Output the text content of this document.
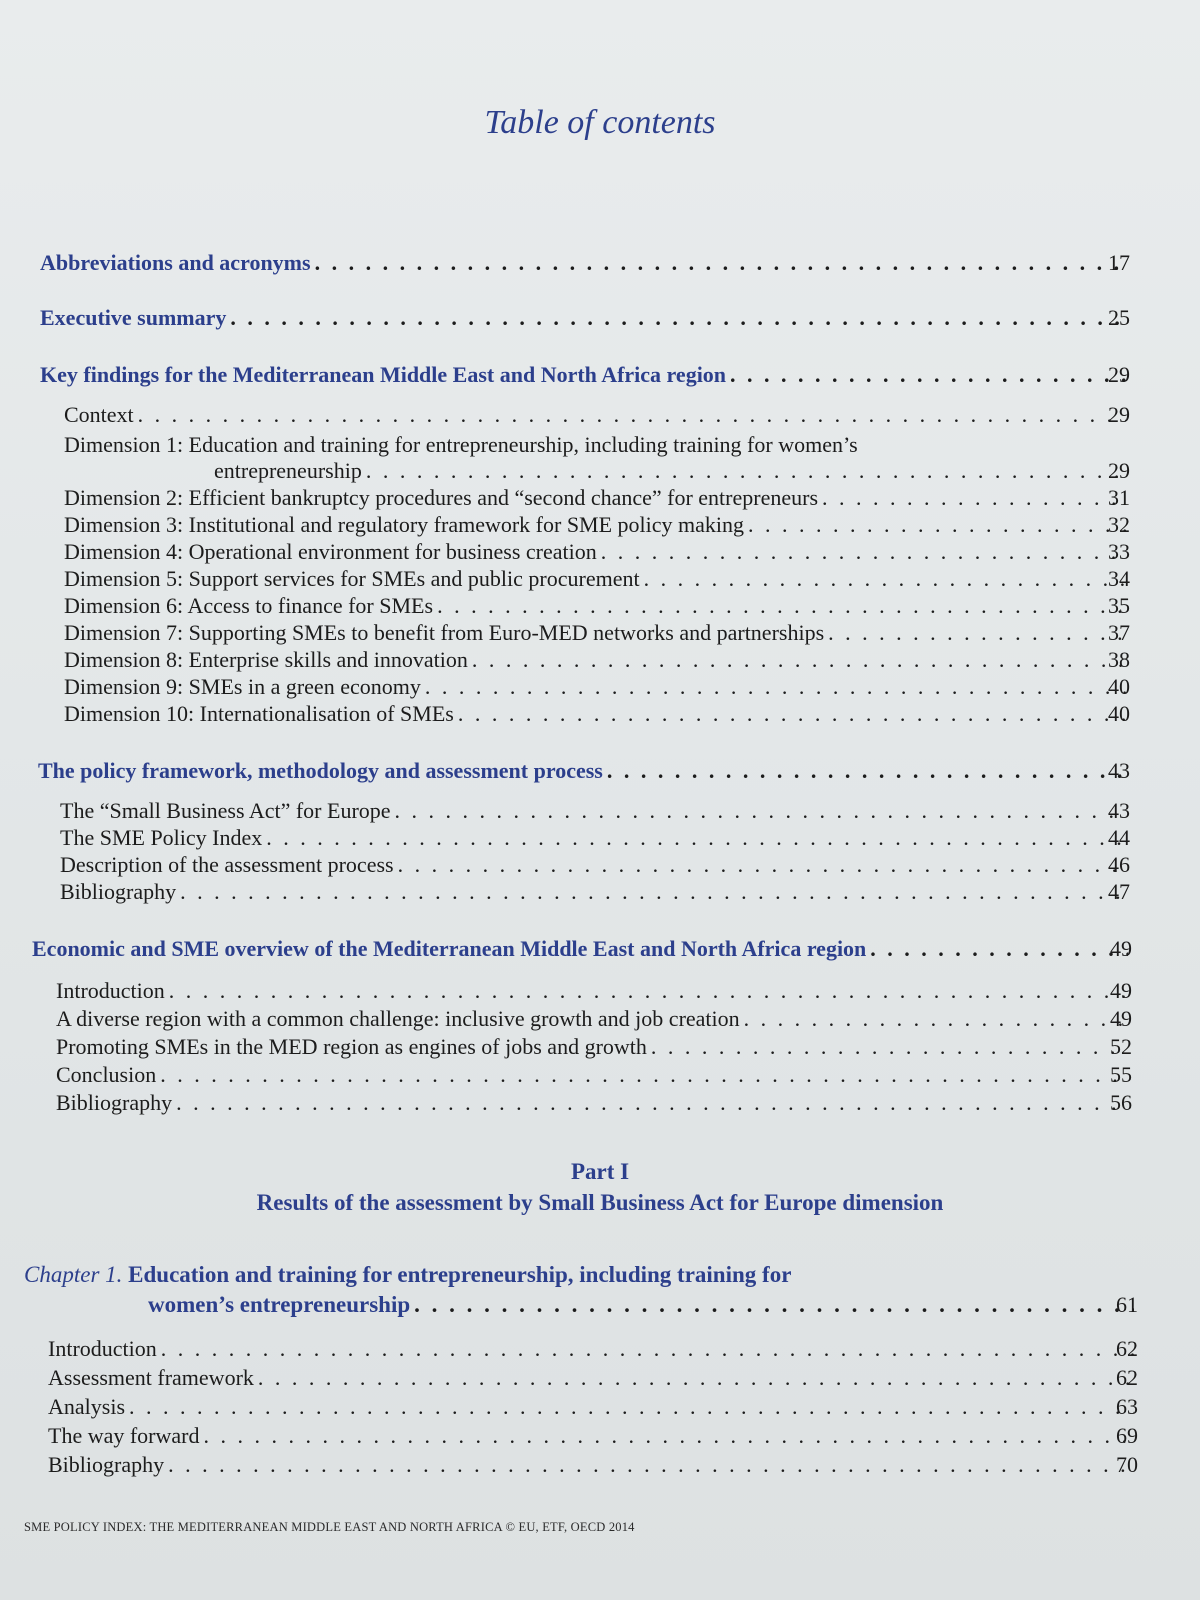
Table of contents
Abbreviations and acronyms . . .	17
Executive summary . . .	25
Key findings for the Mediterranean Middle East and North Africa region . . .	29
Context . . .	29
Dimension 1: Education and training for entrepreneurship, including training for women’s
entrepreneurship . . .	29
Dimension 2: Efficient bankruptcy procedures and “second chance” for entrepreneurs . . .	31
Dimension 3: Institutional and regulatory framework for SME policy making . . .	32
Dimension 4: Operational environment for business creation . . .	33
Dimension 5: Support services for SMEs and public procurement . . .	34
Dimension 6: Access to finance for SMEs . . .	35
Dimension 7: Supporting SMEs to benefit from Euro-MED networks and partnerships . . .	37
Dimension 8: Enterprise skills and innovation . . .	38
Dimension 9: SMEs in a green economy . . .	40
Dimension 10: Internationalisation of SMEs . . .	40
The policy framework, methodology and assessment process . . .	43
The “Small Business Act” for Europe . . .	43
The SME Policy Index . . .	44
Description of the assessment process . . .	46
Bibliography . . .	47
Economic and SME overview of the Mediterranean Middle East and North Africa region . . .	49
Introduction . . .	49
A diverse region with a common challenge: inclusive growth and job creation . . .	49
Promoting SMEs in the MED region as engines of jobs and growth . . .	52
Conclusion . . .	55
Bibliography . . .	56
Part I
Results of the assessment by Small Business Act for Europe dimension
Chapter 1. Education and training for entrepreneurship, including training for
women’s entrepreneurship . . .	61
Introduction . . .	62
Assessment framework . . .	62
Analysis . . .	63
The way forward . . .	69
Bibliography . . .	70
SME POLICY INDEX: THE MEDITERRANEAN MIDDLE EAST AND NORTH AFRICA © EU, ETF, OECD 2014
